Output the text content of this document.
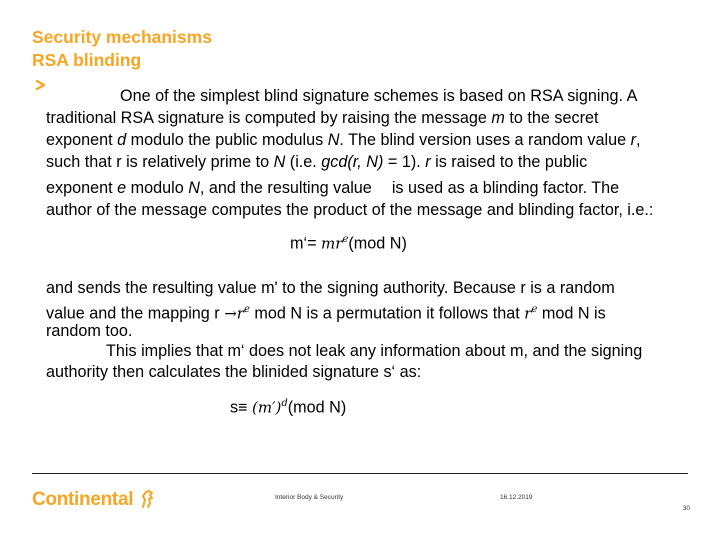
Security mechanisms
RSA blinding
One of the simplest blind signature schemes is based on RSA signing. A
traditional RSA signature is computed by raising the message m to the secret
exponent d modulo the public modulus N. The blind version uses a random value r,
such that r is relatively prime to N (i.e. gcd(r, N) = 1). r is raised to the public
exponent e modulo N, and the resulting value is used as a blinding factor. The
author of the message computes the product of the message and blinding factor, i.e.:
m‘= $mr^e(mod$ N)
and sends the resulting value m' to the signing authority. Because r is a random
value and the mapping $r \to r^e$ mod N is a permutation it follows that $r^e$ mod N is
random too.
This implies that m‘ does not leak any information about m, and the signing
authority then calculates the blinided signature s‘ as:
$s\equiv (m')^d(mod$ N)
Continental	Interior Body & Security	16.12.2019
30
